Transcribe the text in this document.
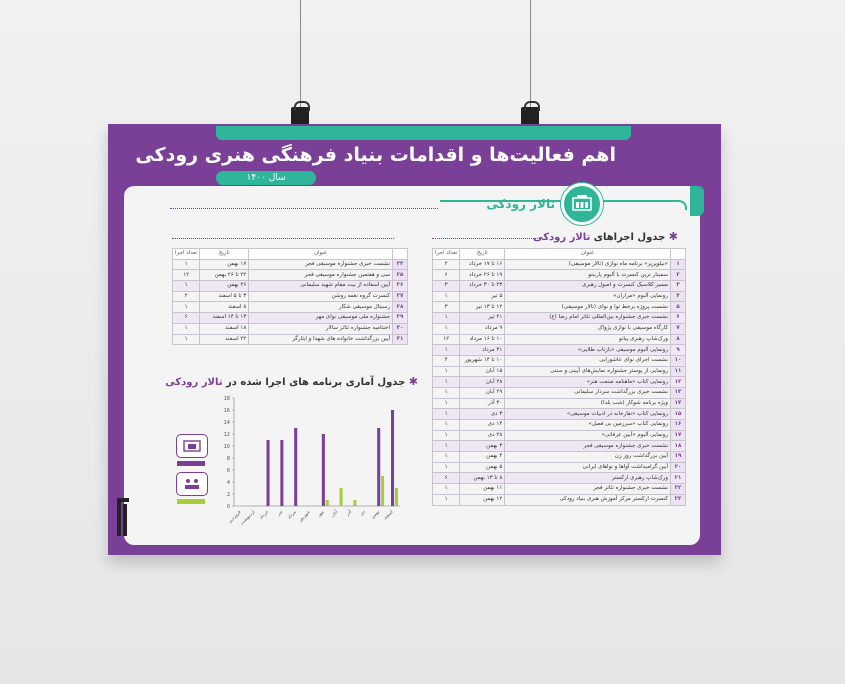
اهم فعالیت‌ها و اقدامات بنیاد فرهنگی هنری رودکی
سال ۱۴۰۰
تالار رودکی
✱ جدول اجراهای تالار رودکی
	عنوان	تاریخ	تعداد اجرا
۱	«نیلوپرپر» برنامه ماه نوازی (تالار موسیقی)	۱۶ تا ۱۷ خرداد	۲
۲	سمینار ترین کنسرت با آلبوم پارینتو	۱۹ تا ۲۶ خرداد	۶
۳	مسیر کلاسیک کنسرت و اصول رهبری	۲۳ تا ۳۰ خرداد	۳
۴	رونمایی آلبوم «مراران»	۵ تیر	۱
۵	نشست پروژه برخط نوا و نوای (تالار موسیقی)	۱۲ تا ۱۳ تیر	۳
۶	نشست خبری جشنواره بین‌المللی تئاتر امام رضا (ع)	۲۱ تیر	۱
۷	کارگاه موسیقی با نوازی پژواک	۹ مرداد	۱
۸	ورک‌شاپ رهبری پیانو	۱۰ تا ۱۶ مرداد	۱۲
۹	رونمایی آلبوم موسیقی «بازتاب طلایی»	۳۱ مرداد	۱
۱۰	نشست اجرای نوای عاشورایی	۱۰ تا ۱۴ شهریور	۴
۱۱	رونمایی از پوستر جشنواره نمایش‌های آیینی و سنتی	۱۵ آبان	۱
۱۲	رونمایی کتاب «ماهنامه صنعت هنر»	۲۸ آبان	۱
۱۳	نشست خبری بزرگداشت سردار سلیمانی	۲۹ آبان	۱
۱۴	ویژه برنامه شوکار (شب یلدا)	۳۰ آذر	۱
۱۵	رونمایی کتاب «نقارخانه در ادبیات موسیقی»	۳ دی	۱
۱۶	رونمایی کتاب «سرزمین بی فصل»	۱۴ دی	۱
۱۷	رونمایی آلبوم «آیین عرفانی»	۲۸ دی	۱
۱۸	نشست خبری جشنواره موسیقی فجر	۳ بهمن	۱
۱۹	آیین بزرگداشت روز زن	۴ بهمن	۱
۲۰	آیین گرامیداشت آواها و نواهای ایرانی	۵ بهمن	۱
۲۱	ورک‌شاپ رهبری ارکستر	۸ تا ۱۳ بهمن	۶
۲۲	نشست خبری جشنواره تئاتر فجر	۱۱ بهمن	۱
۲۳	کنسرت ارکستر مرکز آموزش هنری بنیاد رودکی	۱۲ بهمن	۱
	عنوان	تاریخ	تعداد اجرا
۲۴	نشست خبری جشنواره موسیقی فجر	۱۷ بهمن	۱
۲۵	سی و هفتمین جشنواره موسیقی فجر	۲۲ تا ۲۶ بهمن	۱۲
۲۶	آیین اسفاده از بیت مقام شهید سلیمانی	۲۶ بهمن	۱
۲۷	کنسرت گروه نغمه روشن	۳ تا ۵ اسفند	۲
۲۸	رسیتال موسیقی شکار	۸ اسفند	۱
۲۹	جشنواره ملی موسیقی نوای مهر	۱۳ تا ۱۴ اسفند	۶
۳۰	اختتامیه جشنواره تئاتر سالار	۱۸ اسفند	۱
۳۱	آیین بزرگداشت خانواده های شهدا و ایثارگر	۲۲ اسفند	۱
✱ جدول آماری برنامه های اجرا شده در تالار رودکی
0
2
4
6
8
10
12
14
16
18
فروردین
اردیبهشت خرداد تیر مرداد شهریور مهر آبان	آذر دی بهمن اسفند
